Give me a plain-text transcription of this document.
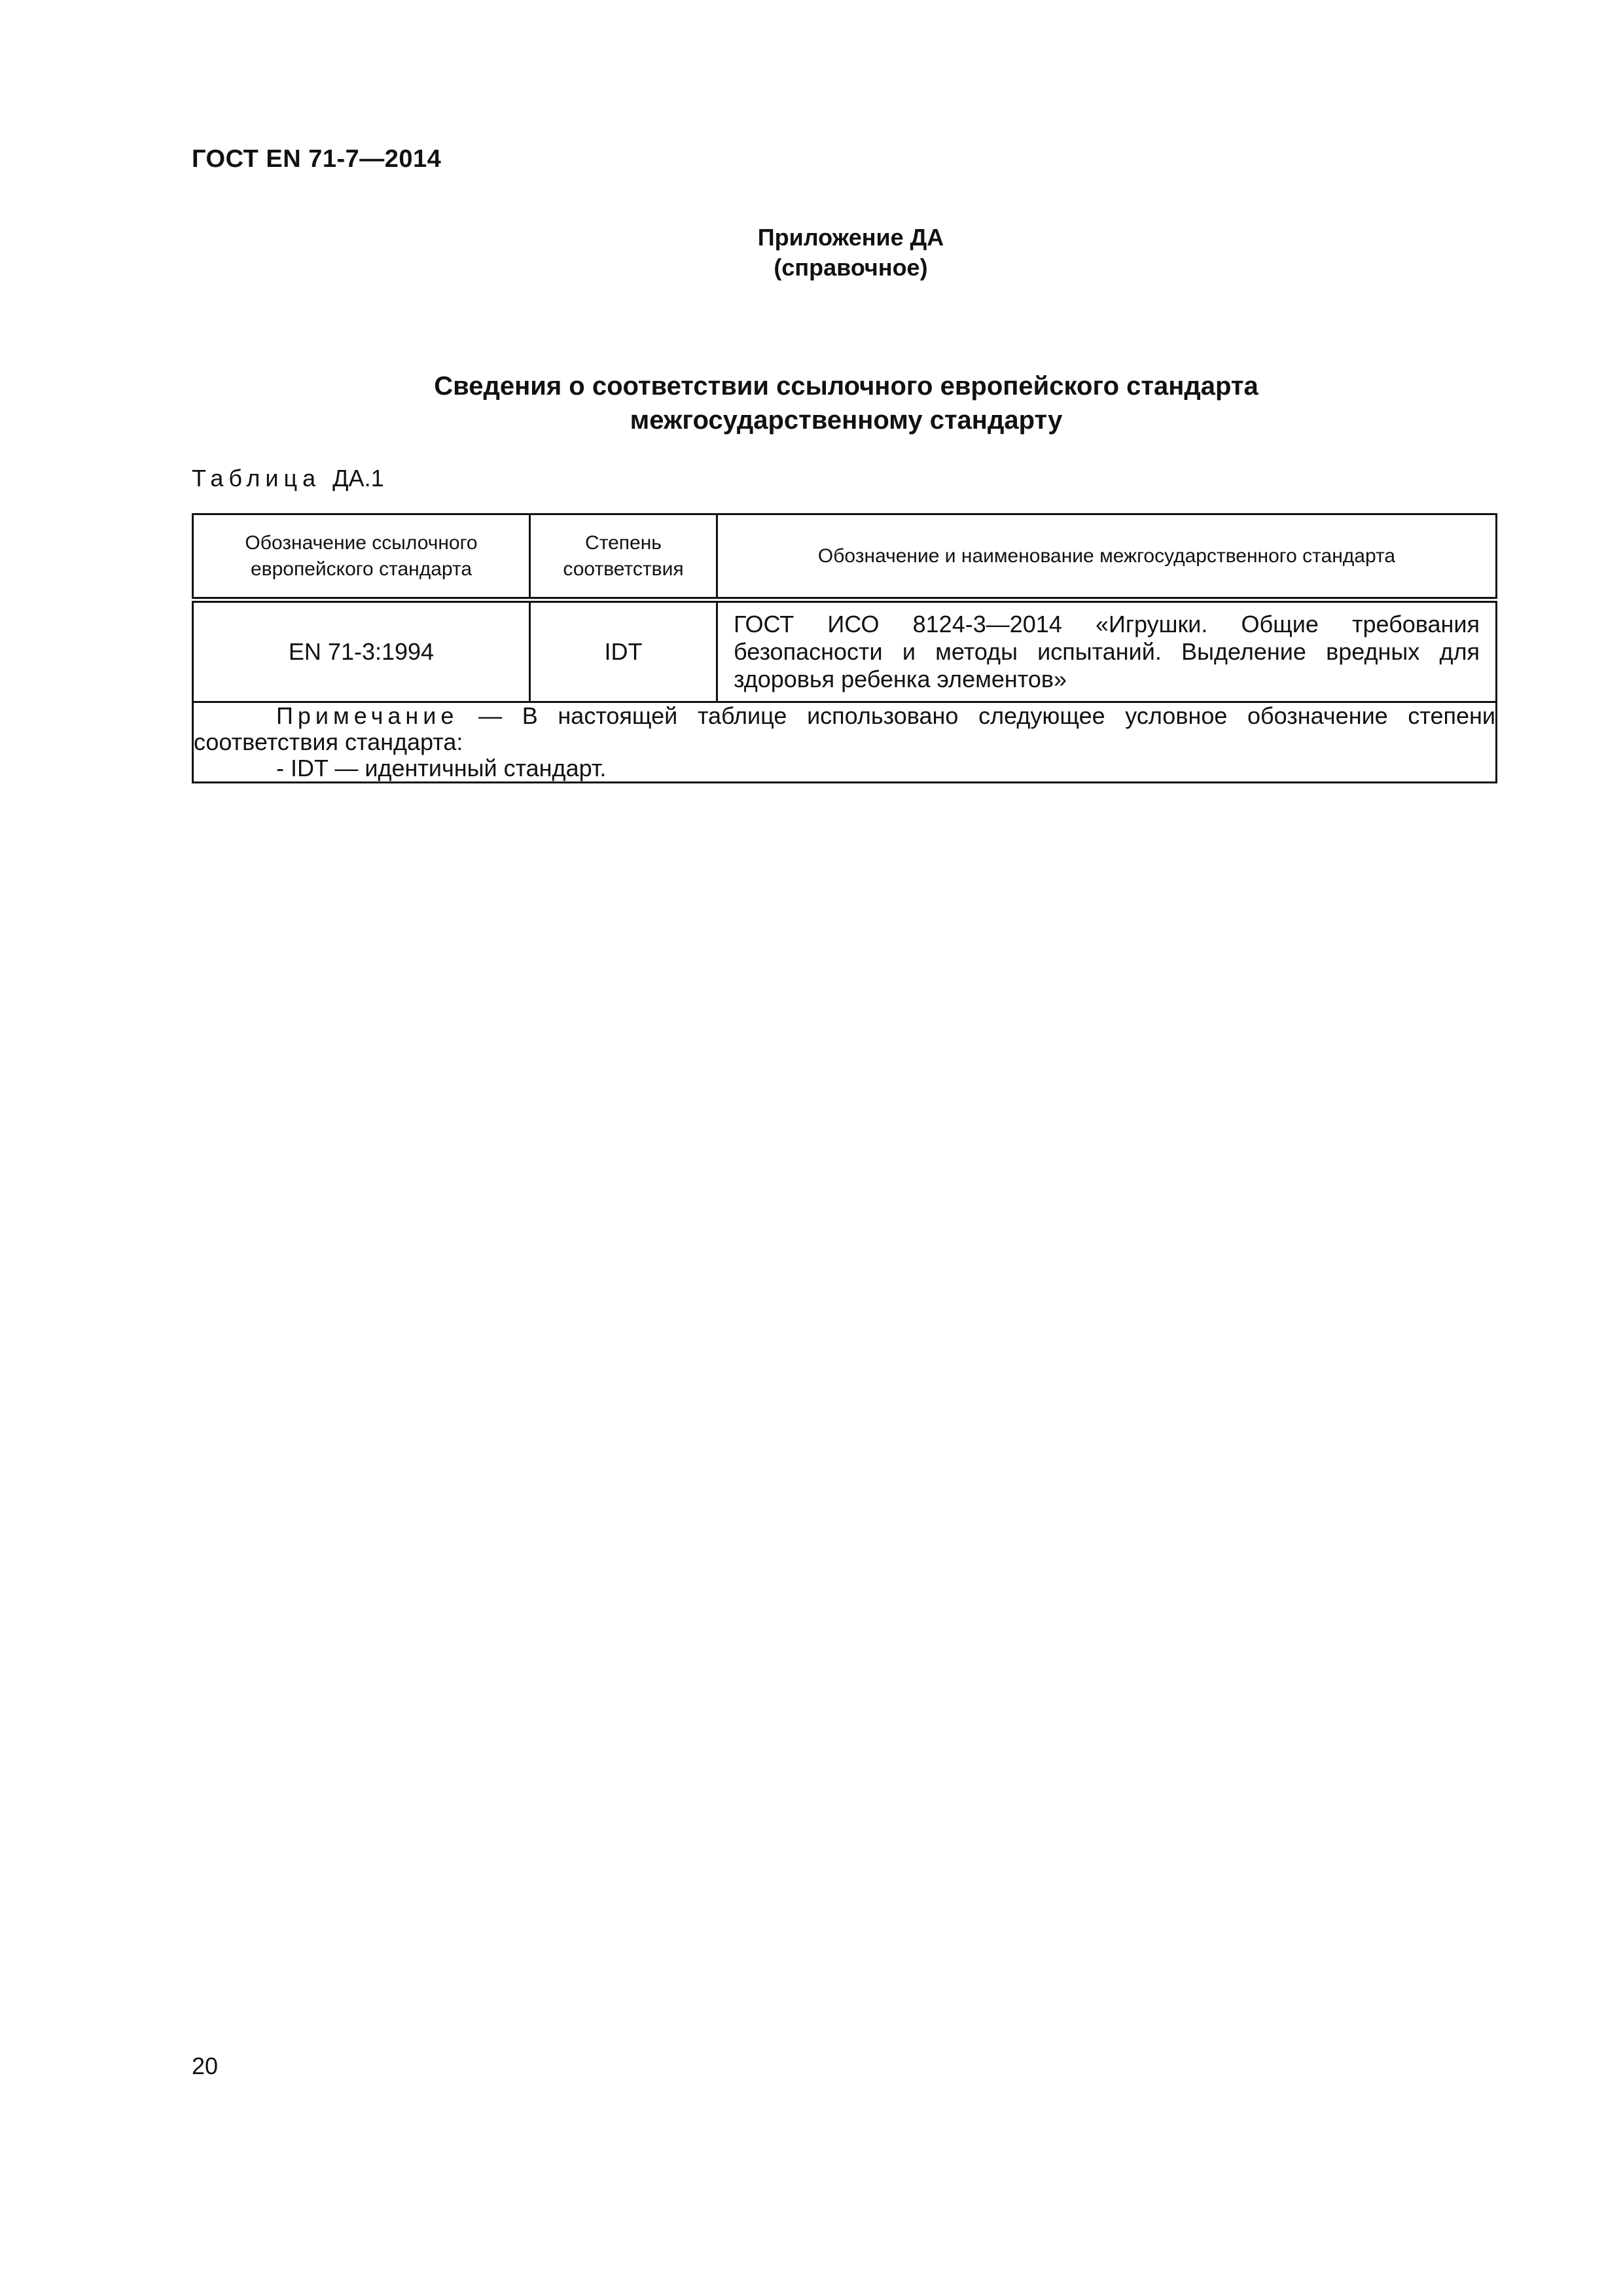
ГОСТ EN 71-7—2014
Приложение ДА
(справочное)
Сведения о соответствии ссылочного европейского стандарта
межгосударственному стандарту
Таблица ДА.1
Обозначение ссылочного европейского стандарта	Степень соответствия	Обозначение и наименование межгосударственного стандарта
EN 71-3:1994	IDT	ГОСТ ИСО 8124-3—2014 «Игрушки. Общие требования безопасности и методы испытаний. Выделение вредных для здоровья ребенка элементов»

Примечание — В настоящей таблице использовано следующее условное обозначение степени соответствия стандарта:
- IDT — идентичный стандарт.		
20
